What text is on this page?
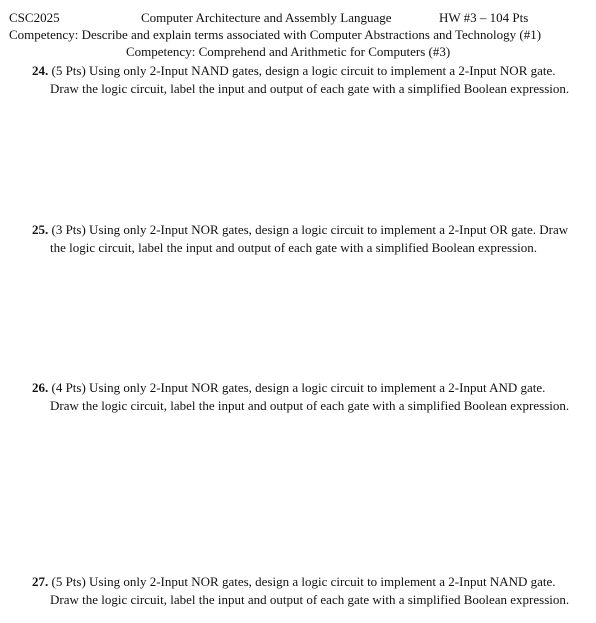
CSC2025	Computer Architecture and Assembly Language	HW #3 – 104 Pts
Competency: Describe and explain terms associated with Computer Abstractions and Technology (#1)
Competency: Comprehend and Arithmetic for Computers (#3)
24. (5 Pts) Using only 2-Input NAND gates, design a logic circuit to implement a 2-Input NOR gate.
Draw the logic circuit, label the input and output of each gate with a simplified Boolean expression.
25. (3 Pts) Using only 2-Input NOR gates, design a logic circuit to implement a 2-Input OR gate. Draw
the logic circuit, label the input and output of each gate with a simplified Boolean expression.
26. (4 Pts) Using only 2-Input NOR gates, design a logic circuit to implement a 2-Input AND gate.
Draw the logic circuit, label the input and output of each gate with a simplified Boolean expression.
27. (5 Pts) Using only 2-Input NOR gates, design a logic circuit to implement a 2-Input NAND gate.
Draw the logic circuit, label the input and output of each gate with a simplified Boolean expression.
